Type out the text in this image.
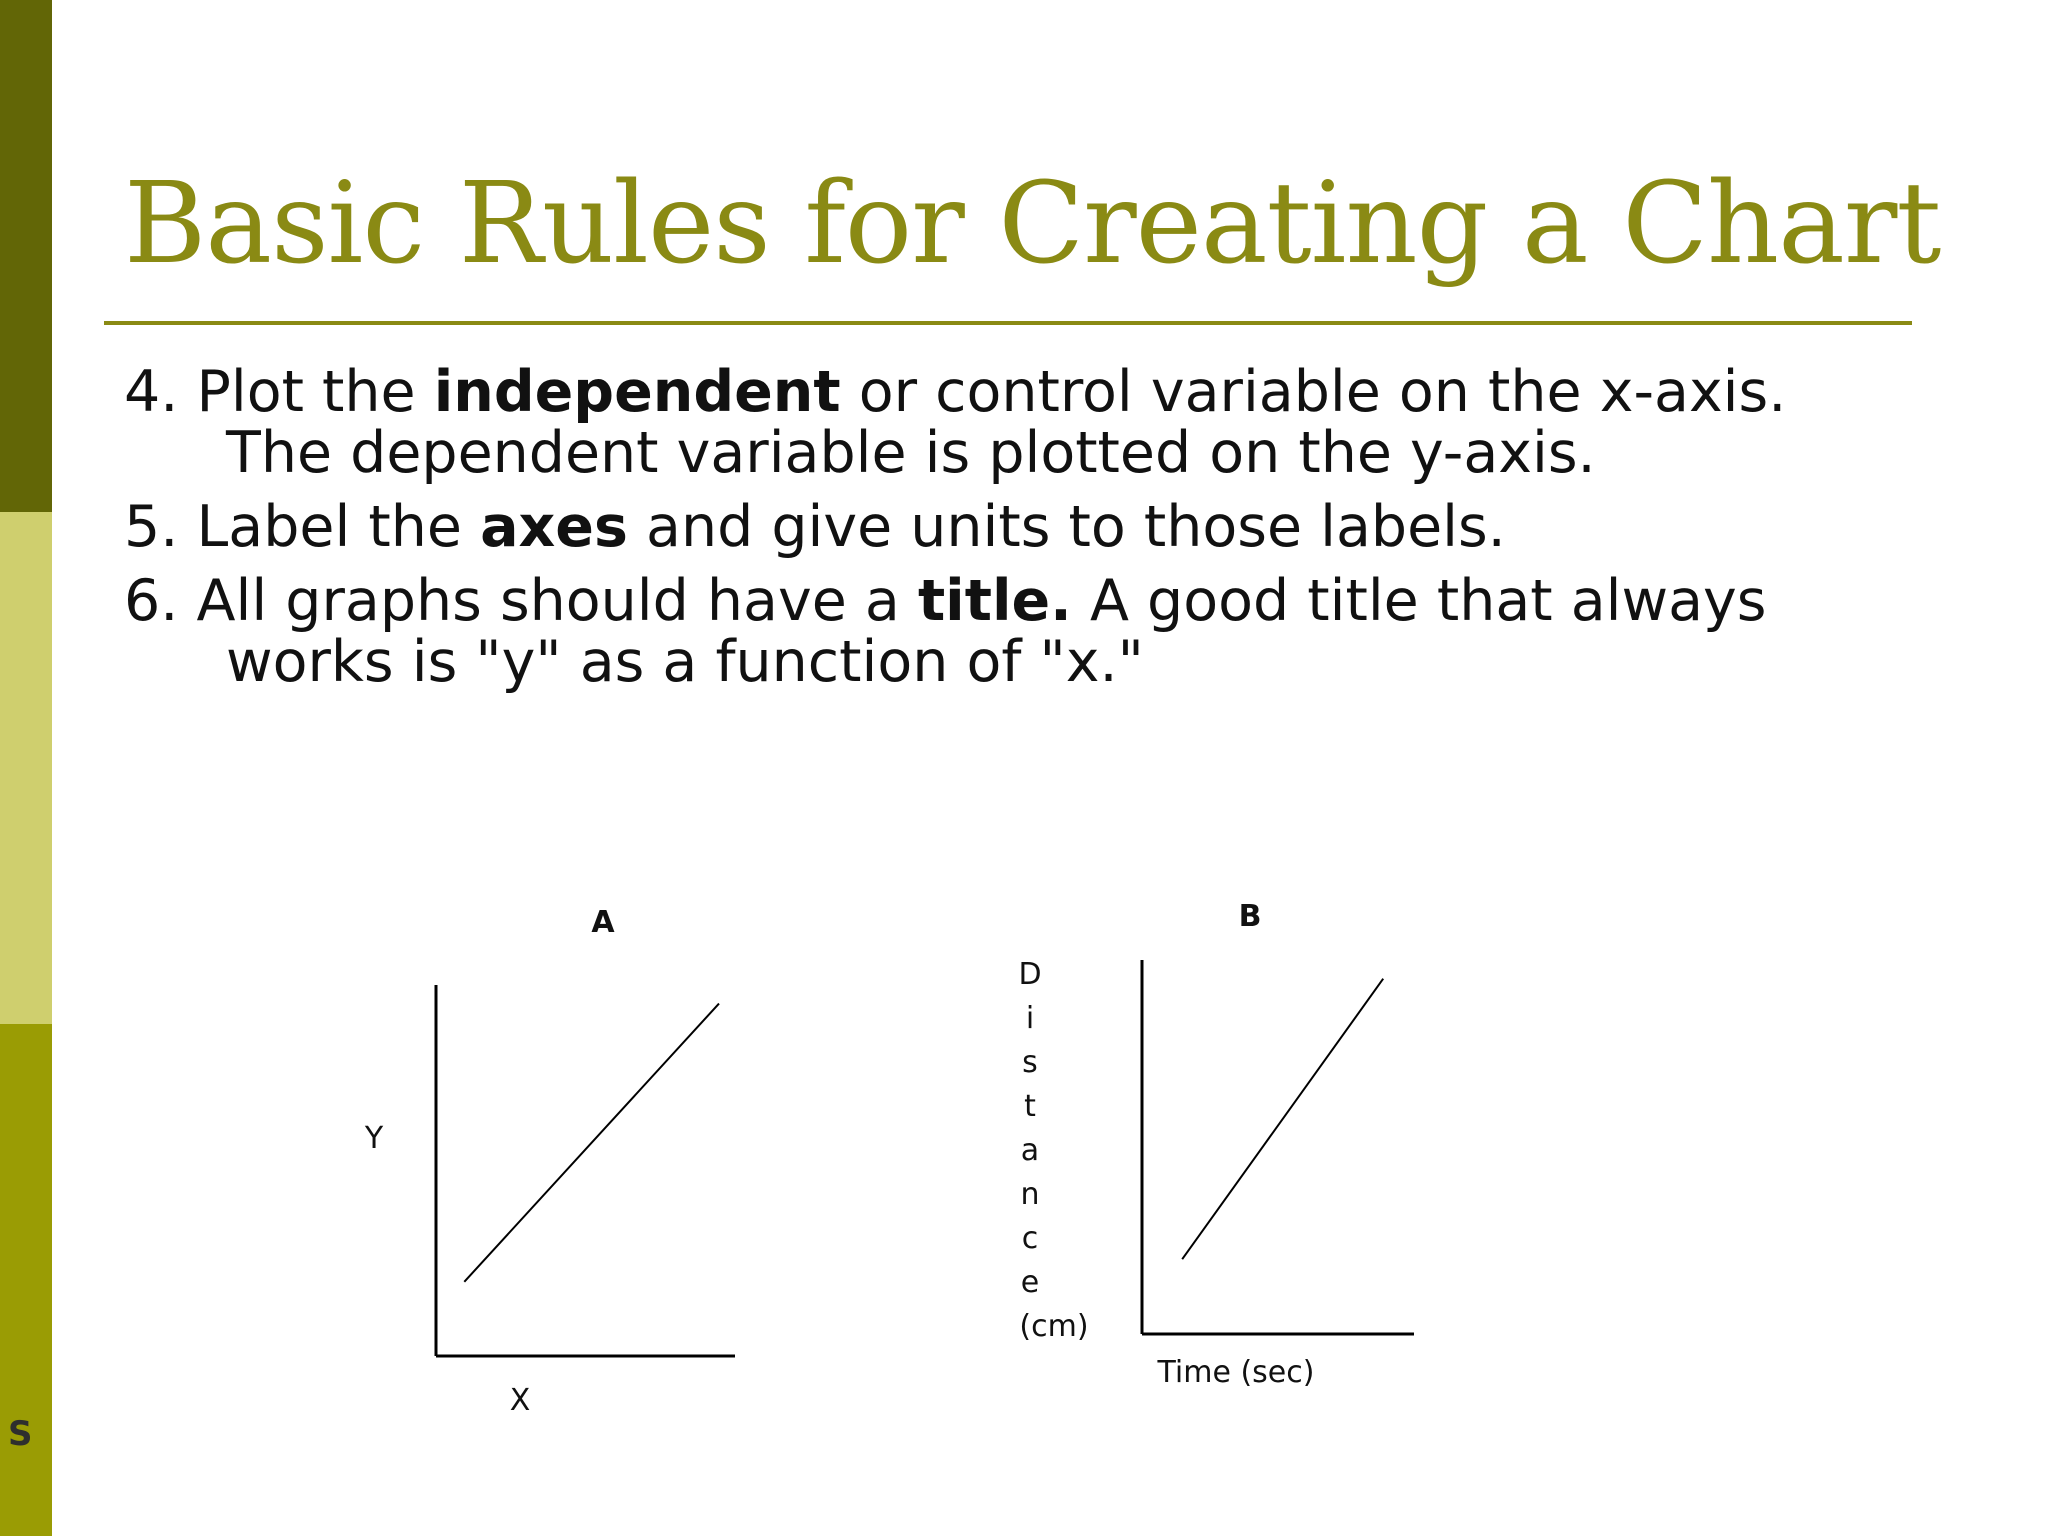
S
Basic Rules for Creating a Chart
4. Plot the independent or control variable on the x-axis. The dependent variable is plotted on the y-axis.
5. Label the axes and give units to those labels.
6. All graphs should have a title. A good title that always works is "y" as a function of "x."
A
Y
X
B
D
i
s
t
a
n
c
e
(cm)
Time (sec)
